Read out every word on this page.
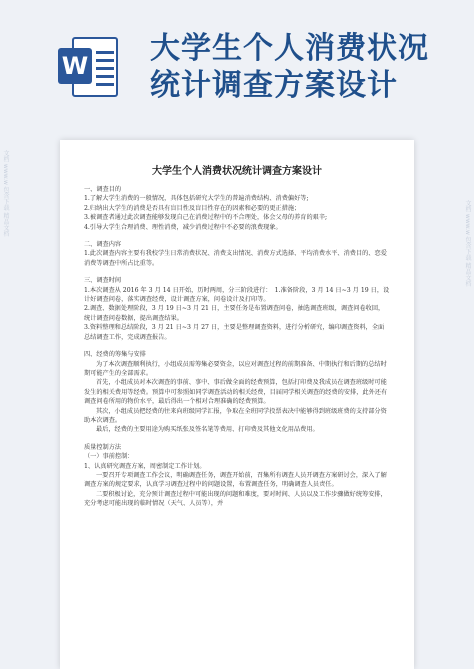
W 大学生个人消费状况统计调查方案设计
大学生个人消费状况统计调查方案设计

一、调查目的

1.了解大学生消费的一般情况，具体包括研究大学生的普遍消费结构、消费偏好等;

2.归纳出大学生的消费是否具有盲目性及盲目性存在的因素和必要的更正措施；

3.被调查者通过此次调查能够发现自己在消费过程中的不合理处，体会父母的养育的艰辛;

4.引导大学生合理消费、理性消费，减少消费过程中不必要的浪费现象。

二、调查内容

1.此次调查内容主要有我校学生日常消费状况、消费支出情况、消费方式选择、平均消费水平、消费目的、恋爱消费等调查中所占比重等。

三、调查时间

1.本次调查从 2016 年 3 月 14 日开始，历时两周，分三阶段进行：　1.准备阶段，3 月 14 日~3 月 19 日，设计好调查问卷，落实调查经费，设计调查方案，问卷设计及打印等。

2.调查、数据处理阶段，3 月 19 日~3 月 21 日，主要任务是布置调查问卷，抽选调查班级，调查问卷收回，统计调查问卷数据，提出调查结果。

3.资料整理和总结阶段，3 月 21 日~3 月 27 日，主要是整理调查资料，进行分析研究，编印调查资料，全面总结调查工作，完成调查报告。

四、经费的筹集与安排

为了本次调查顺利执行，小组成员需筹集必要资金，以应对调查过程的前期准备、中期执行和后期的总结时期可能产生的全部需求。

首先，小组成员对本次调查的事前、事中、事后做全面的经费预算，包括打印费及我成员在调查班级时可能发生的相关费用等经费。预算中可参照如同学调查活动的相关经费，目届同学相关调查的经费的安排，此外还有调查问卷所用的物价水平，最后得出一个相对合理准确的经费预算。

其次，小组成员把经费的往来向班级同学汇报，争取在全班同学投票表决中能够得到班级班费的支持部分资助本次调查。

最后，经费的主要用途为购买纸张及签名笔等费用、打印费及其他文化用品费用。

质量控制方法

（一）事前控制：

1、认真研究调查方案，周密制定工作计划。

一要召开专项调查工作会议，明确调查任务，调查开始前，召集所有调查人员开调查方案研讨会，深入了解调查方案的规定要求，认真学习调查过程中的问题设置，布置调查任务，明确调查人员责任。

二要积极讨论，充分预计调查过程中可能出现的问题和难度，要对时间、人员以及工作步骤做好统筹安排，充分考虑可能出现的临时情况（天气、人员等），并

文档 www.w 包含下载 精品文档
文档 www.w 包含下载 精品文档
